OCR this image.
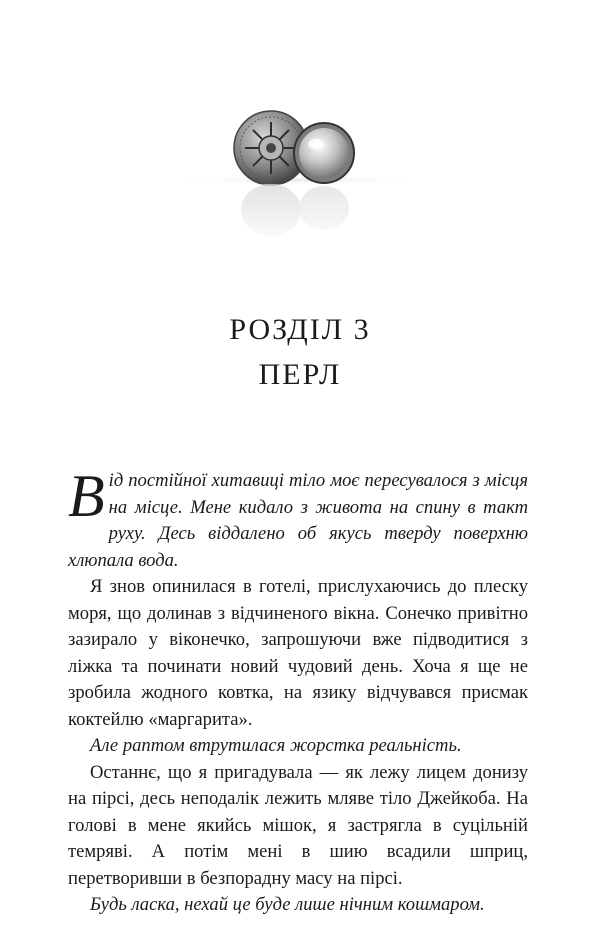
РОЗДІЛ 3
ПЕРЛ

Від постійної хитавиці тіло моє пересувалося з місця на місце. Мене кидало з живота на спину в такт руху. Десь віддалено об якусь тверду поверхню хлюпала вода.

Я знов опинилася в готелі, прислухаючись до плеску моря, що долинав з відчиненого вікна. Сонечко привітно зазирало у віконечко, запрошуючи вже підводитися з ліжка та починати новий чудовий день. Хоча я ще не зробила жодного ковтка, на язику відчувався присмак коктейлю «маргарита».

Але раптом втрутилася жорстка реальність.

Останнє, що я пригадувала — як лежу лицем донизу на пірсі, десь неподалік лежить мляве тіло Джейкоба. На голові в мене якийсь мішок, я застрягла в суцільній темряві. А потім мені в шию всадили шприц, перетворивши в безпорадну масу на пірсі.

Будь ласка, нехай це буде лише нічним кошмаром.
